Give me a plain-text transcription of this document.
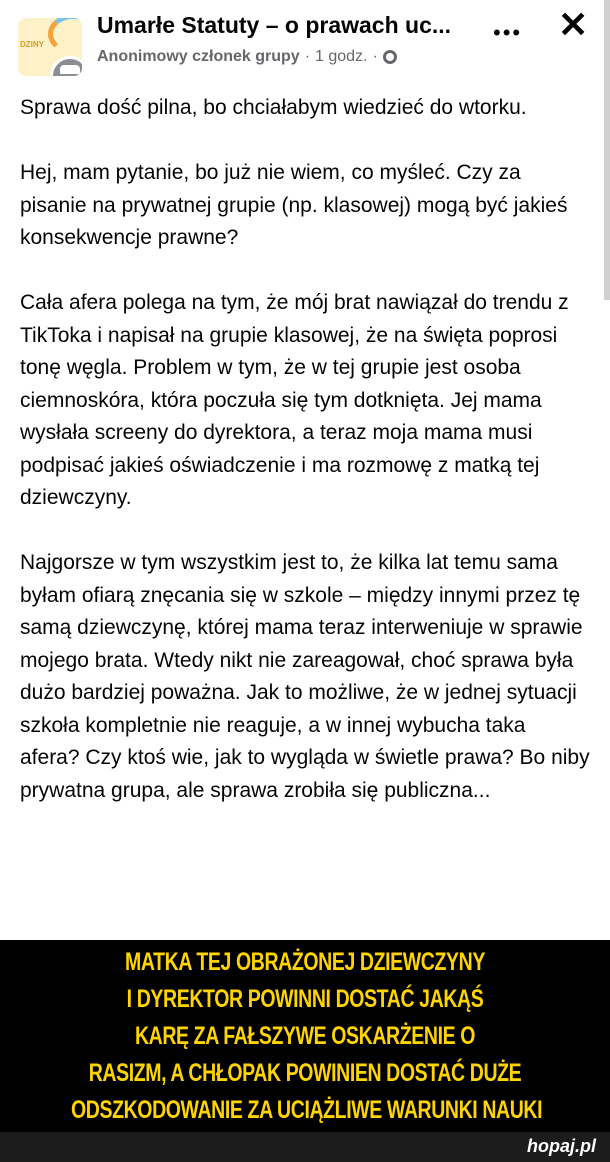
DZINY
Umarłe Statuty – o prawach uc...
Anonimowy członek grupy · 1 godz. ·
••• ✕

Sprawa dość pilna, bo chciałabym wiedzieć do wtorku.

Hej, mam pytanie, bo już nie wiem, co myśleć. Czy za pisanie na prywatnej grupie (np. klasowej) mogą być jakieś konsekwencje prawne?

Cała afera polega na tym, że mój brat nawiązał do trendu z TikToka i napisał na grupie klasowej, że na święta poprosi tonę węgla. Problem w tym, że w tej grupie jest osoba ciemnoskóra, która poczuła się tym dotknięta. Jej mama wysłała screeny do dyrektora, a teraz moja mama musi podpisać jakieś oświadczenie i ma rozmowę z matką tej dziewczyny.

Najgorsze w tym wszystkim jest to, że kilka lat temu sama byłam ofiarą znęcania się w szkole – między innymi przez tę samą dziewczynę, której mama teraz interweniuje w sprawie mojego brata. Wtedy nikt nie zareagował, choć sprawa była dużo bardziej poważna. Jak to możliwe, że w jednej sytuacji szkoła kompletnie nie reaguje, a w innej wybucha taka afera? Czy ktoś wie, jak to wygląda w świetle prawa? Bo niby prywatna grupa, ale sprawa zrobiła się publiczna...

MATKA TEJ OBRAŻONEJ DZIEWCZYNY
I DYREKTOR POWINNI DOSTAĆ JAKĄŚ
KARĘ ZA FAŁSZYWE OSKARŻENIE O
RASIZM, A CHŁOPAK POWINIEN DOSTAĆ DUŻE
ODSZKODOWANIE ZA UCIĄŻLIWE WARUNKI NAUKI
hopaj.pl
